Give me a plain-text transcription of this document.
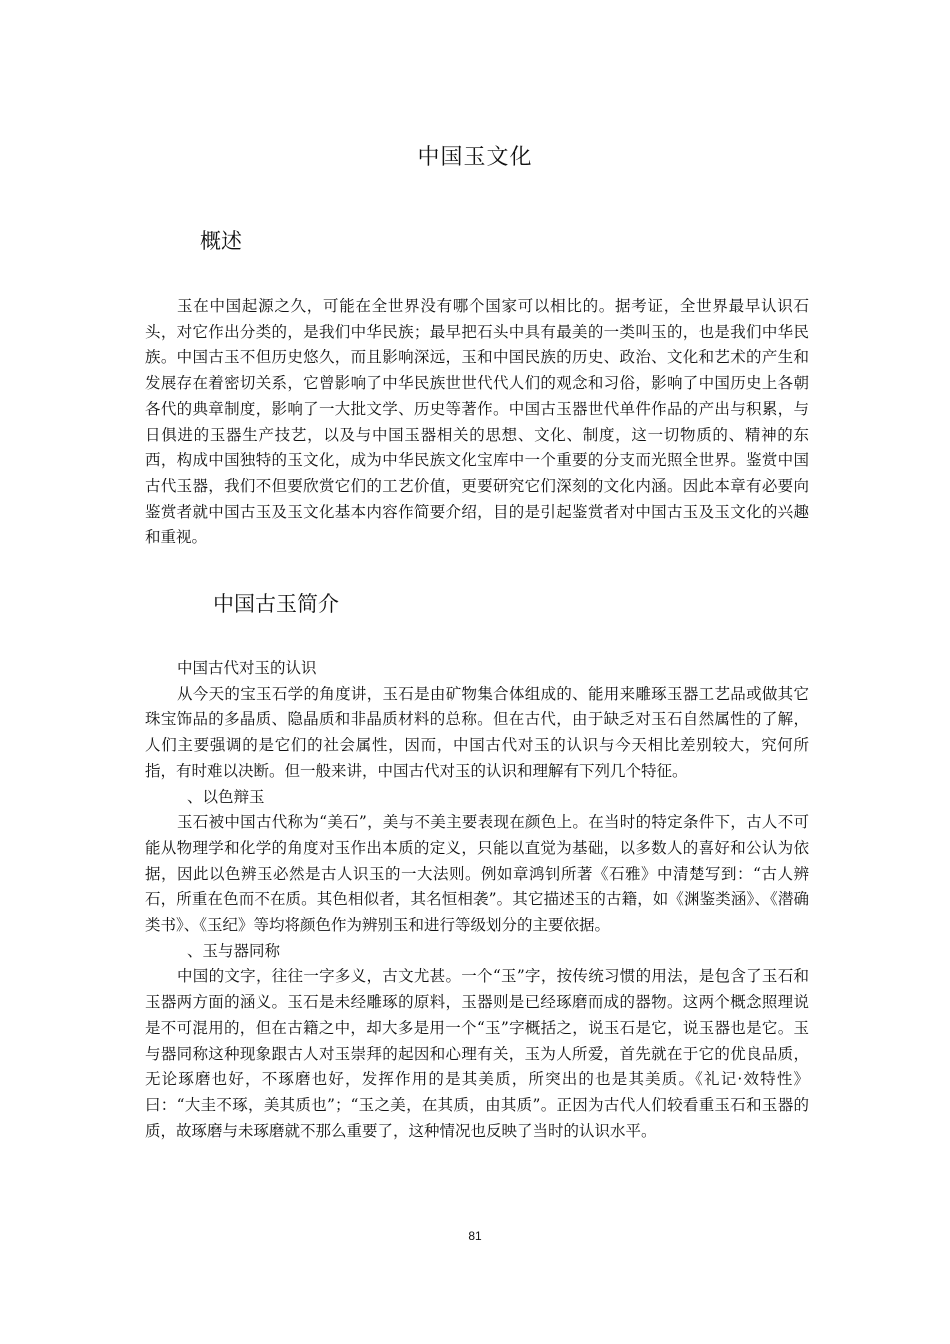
中国玉文化
概述

玉在中国起源之久，可能在全世界没有哪个国家可以相比的。据考证，全世界最早认识石头，对它作出分类的，是我们中华民族；最早把石头中具有最美的一类叫玉的，也是我们中华民族。中国古玉不但历史悠久，而且影响深远，玉和中国民族的历史、政治、文化和艺术的产生和发展存在着密切关系，它曾影响了中华民族世世代代人们的观念和习俗，影响了中国历史上各朝各代的典章制度，影响了一大批文学、历史等著作。中国古玉器世代单件作品的产出与积累，与日俱进的玉器生产技艺，以及与中国玉器相关的思想、文化、制度，这一切物质的、精神的东西，构成中国独特的玉文化，成为中华民族文化宝库中一个重要的分支而光照全世界。鉴赏中国古代玉器，我们不但要欣赏它们的工艺价值，更要研究它们深刻的文化内涵。因此本章有必要向鉴赏者就中国古玉及玉文化基本内容作简要介绍，目的是引起鉴赏者对中国古玉及玉文化的兴趣和重视。

中国古玉简介

中国古代对玉的认识

从今天的宝玉石学的角度讲，玉石是由矿物集合体组成的、能用来雕琢玉器工艺品或做其它珠宝饰品的多晶质、隐晶质和非晶质材料的总称。但在古代，由于缺乏对玉石自然属性的了解，人们主要强调的是它们的社会属性，因而，中国古代对玉的认识与今天相比差别较大，究何所指，有时难以决断。但一般来讲，中国古代对玉的认识和理解有下列几个特征。

、以色辩玉

玉石被中国古代称为“美石”，美与不美主要表现在颜色上。在当时的特定条件下，古人不可能从物理学和化学的角度对玉作出本质的定义，只能以直觉为基础，以多数人的喜好和公认为依据，因此以色辨玉必然是古人识玉的一大法则。例如章鸿钊所著《石雅》中清楚写到：“古人辨石，所重在色而不在质。其色相似者，其名恒相袭”。其它描述玉的古籍，如《渊鉴类涵》、《潜确类书》、《玉纪》等均将颜色作为辨别玉和进行等级划分的主要依据。

、玉与器同称

中国的文字，往往一字多义，古文尤甚。一个“玉”字，按传统习惯的用法，是包含了玉石和玉器两方面的涵义。玉石是未经雕琢的原料，玉器则是已经琢磨而成的器物。这两个概念照理说是不可混用的，但在古籍之中，却大多是用一个“玉”字概括之，说玉石是它，说玉器也是它。玉与器同称这种现象跟古人对玉崇拜的起因和心理有关，玉为人所爱，首先就在于它的优良品质，无论琢磨也好，不琢磨也好，发挥作用的是其美质，所突出的也是其美质。《礼记·效特性》曰：“大圭不琢，美其质也”；“玉之美，在其质，由其质”。正因为古代人们较看重玉石和玉器的质，故琢磨与未琢磨就不那么重要了，这种情况也反映了当时的认识水平。

81
